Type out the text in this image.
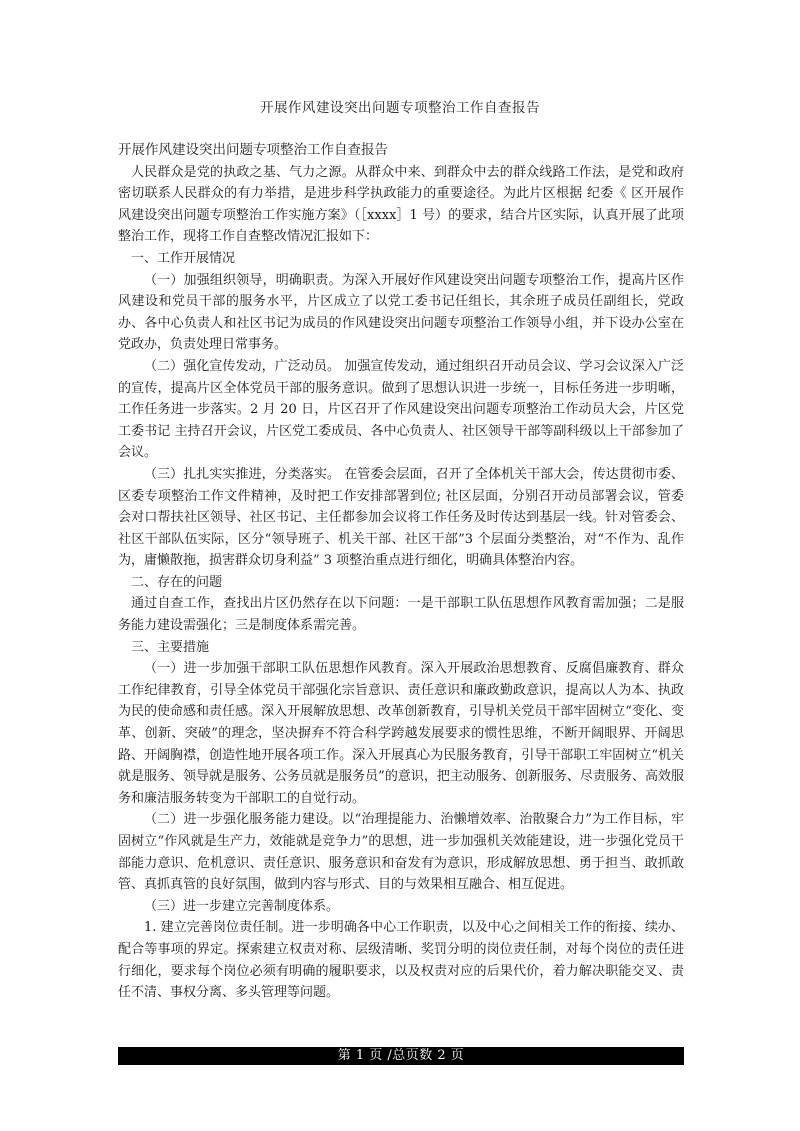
开展作风建设突出问题专项整治工作自查报告
开展作风建设突出问题专项整治工作自查报告

人民群众是党的执政之基、气力之源。从群众中来、到群众中去的群众线路工作法，是党和政府密切联系人民群众的有力举措，是进步科学执政能力的重要途径。为此片区根据 纪委《 区开展作风建设突出问题专项整治工作实施方案》（［xxxx］1 号）的要求，结合片区实际，认真开展了此项整治工作，现将工作自查整改情况汇报如下：

一、工作开展情况

（一）加强组织领导，明确职责。为深入开展好作风建设突出问题专项整治工作，提高片区作风建设和党员干部的服务水平，片区成立了以党工委书记任组长，其余班子成员任副组长，党政办、各中心负责人和社区书记为成员的作风建设突出问题专项整治工作领导小组，并下设办公室在党政办，负责处理日常事务。

（二）强化宣传发动，广泛动员。 加强宣传发动，通过组织召开动员会议、学习会议深入广泛的宣传，提高片区全体党员干部的服务意识。做到了思想认识进一步统一，目标任务进一步明晰，工作任务进一步落实。2 月 20 日，片区召开了作风建设突出问题专项整治工作动员大会，片区党工委书记 主持召开会议，片区党工委成员、各中心负责人、社区领导干部等副科级以上干部参加了会议。

（三）扎扎实实推进，分类落实。 在管委会层面，召开了全体机关干部大会，传达贯彻市委、区委专项整治工作文件精神，及时把工作安排部署到位; 社区层面，分别召开动员部署会议，管委会对口帮扶社区领导、社区书记、主任都参加会议将工作任务及时传达到基层一线。针对管委会、社区干部队伍实际，区分“领导班子、机关干部、社区干部”3 个层面分类整治，对“不作为、乱作为，庸懒散拖，损害群众切身利益” 3 项整治重点进行细化，明确具体整治内容。

二、存在的问题

通过自查工作，查找出片区仍然存在以下问题：一是干部职工队伍思想作风教育需加强；二是服务能力建设需强化；三是制度体系需完善。

三、主要措施

（一）进一步加强干部职工队伍思想作风教育。深入开展政治思想教育、反腐倡廉教育、群众工作纪律教育，引导全体党员干部强化宗旨意识、责任意识和廉政勤政意识，提高以人为本、执政为民的使命感和责任感。深入开展解放思想、改革创新教育，引导机关党员干部牢固树立“变化、变革、创新、突破”的理念，坚决摒弃不符合科学跨越发展要求的惯性思维，不断开阔眼界、开阔思路、开阔胸襟，创造性地开展各项工作。深入开展真心为民服务教育，引导干部职工牢固树立“机关就是服务、领导就是服务、公务员就是服务员”的意识，把主动服务、创新服务、尽责服务、高效服务和廉洁服务转变为干部职工的自觉行动。

（二）进一步强化服务能力建设。以“治理提能力、治懒增效率、治散聚合力”为工作目标，牢固树立“作风就是生产力，效能就是竞争力”的思想，进一步加强机关效能建设，进一步强化党员干部能力意识、危机意识、责任意识、服务意识和奋发有为意识，形成解放思想、勇于担当、敢抓敢管、真抓真管的良好氛围，做到内容与形式、目的与效果相互融合、相互促进。

（三）进一步建立完善制度体系。

1. 建立完善岗位责任制。进一步明确各中心工作职责，以及中心之间相关工作的衔接、续办、配合等事项的界定。探索建立权责对称、层级清晰、奖罚分明的岗位责任制，对每个岗位的责任进行细化，要求每个岗位必须有明确的履职要求，以及权责对应的后果代价，着力解决职能交叉、责任不清、事权分离、多头管理等问题。

第 1 页 /总页数 2 页
